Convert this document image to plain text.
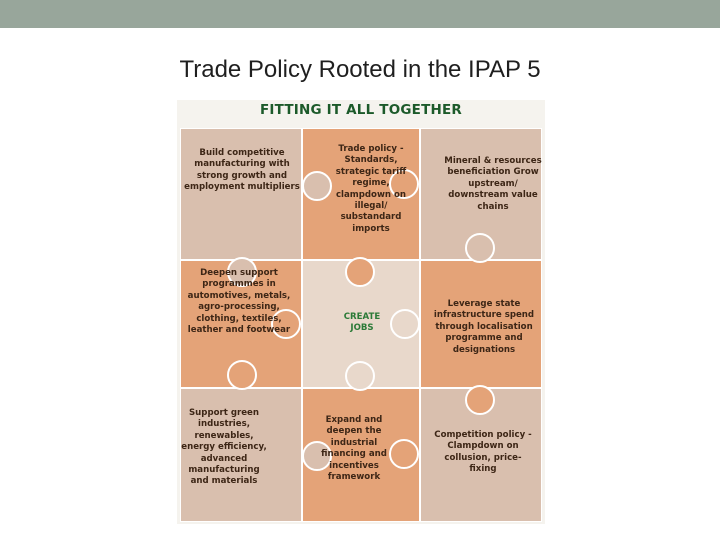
Trade Policy Rooted in the IPAP 5
FITTING IT ALL TOGETHER
Build competitive manufacturing with strong growth and employment multipliers
Trade policy - Standards, strategic tariff regime, clampdown on illegal/ substandard imports
Mineral & resources beneficiation Grow upstream/ downstream value chains
Deepen support programmes in automotives, metals, agro-processing, clothing, textiles, leather and footwear
CREATE JOBS
Leverage state infrastructure spend through localisation programme and designations
Support green industries, renewables, energy efficiency, advanced manufacturing and materials
Expand and deepen the industrial financing and incentives framework
Competition policy - Clampdown on collusion, price-fixing
